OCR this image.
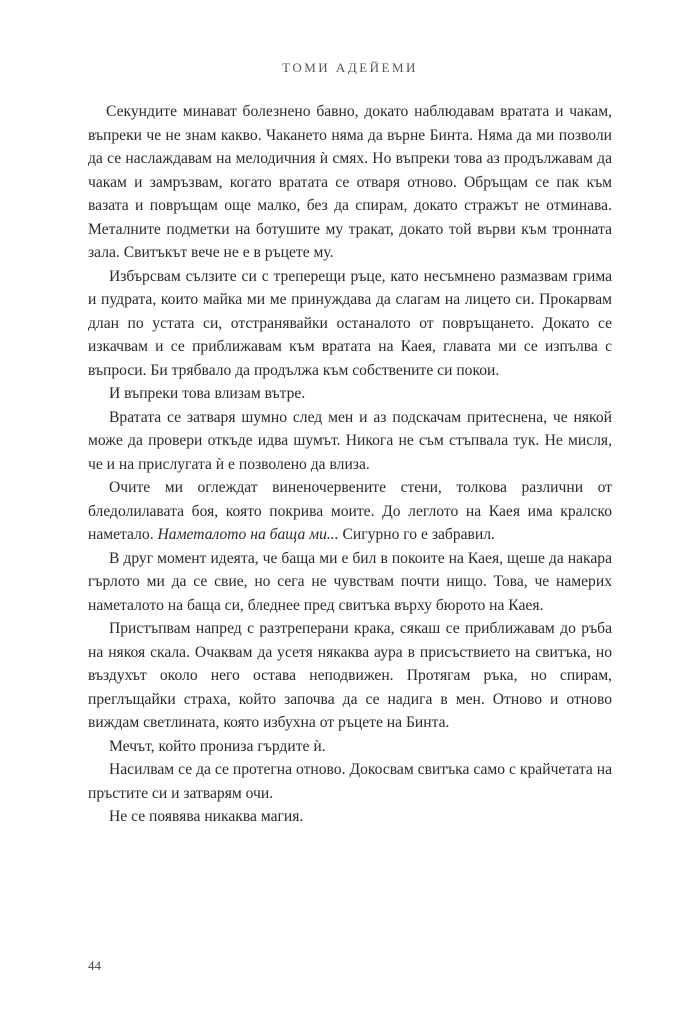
ТОМИ АДЕЙЕМИ

Секундите минават болезнено бавно, докато наблюдавам вратата и чакам, въпреки че не знам какво. Чакането няма да върне Бинта. Няма да ми позволи да се наслаждавам на мелодичния ѝ смях. Но въпреки това аз продължавам да чакам и замръзвам, когато вратата се отваря отново. Обръщам се пак към вазата и повръщам още малко, без да спирам, докато стражът не отминава. Металните подметки на ботушите му тракат, докато той върви към тронната зала. Свитъкът вече не е в ръцете му.

Избърсвам сълзите си с треперещи ръце, като несъмнено размазвам грима и пудрата, които майка ми ме принуждава да слагам на лицето си. Прокарвам длан по устата си, отстранявайки останалото от повръщането. Докато се изкачвам и се приближавам към вратата на Каея, главата ми се изпълва с въпроси. Би трябвало да продължа към собствените си покои.

И въпреки това влизам вътре.

Вратата се затваря шумно след мен и аз подскачам притеснена, че някой може да провери откъде идва шумът. Никога не съм стъпвала тук. Не мисля, че и на прислугата ѝ е позволено да влиза.

Очите ми оглеждат виненочервените стени, толкова различни от бледолилавата боя, която покрива моите. До леглото на Каея има кралско наметало. Наметалото на баща ми... Сигурно го е забравил.

В друг момент идеята, че баща ми е бил в покоите на Каея, щеше да накара гърлото ми да се свие, но сега не чувствам почти нищо. Това, че намерих наметалото на баща си, бледнее пред свитъка върху бюрото на Каея.

Пристъпвам напред с разтреперани крака, сякаш се приближавам до ръба на някоя скала. Очаквам да усетя някаква аура в присъствието на свитъка, но въздухът около него остава неподвижен. Протягам ръка, но спирам, преглъщайки страха, който започва да се надига в мен. Отново и отново виждам светлината, която избухна от ръцете на Бинта.

Мечът, който прониза гърдите ѝ.

Насилвам се да се протегна отново. Докосвам свитъка само с крайчетата на пръстите си и затварям очи.

Не се появява никаква магия.

44
